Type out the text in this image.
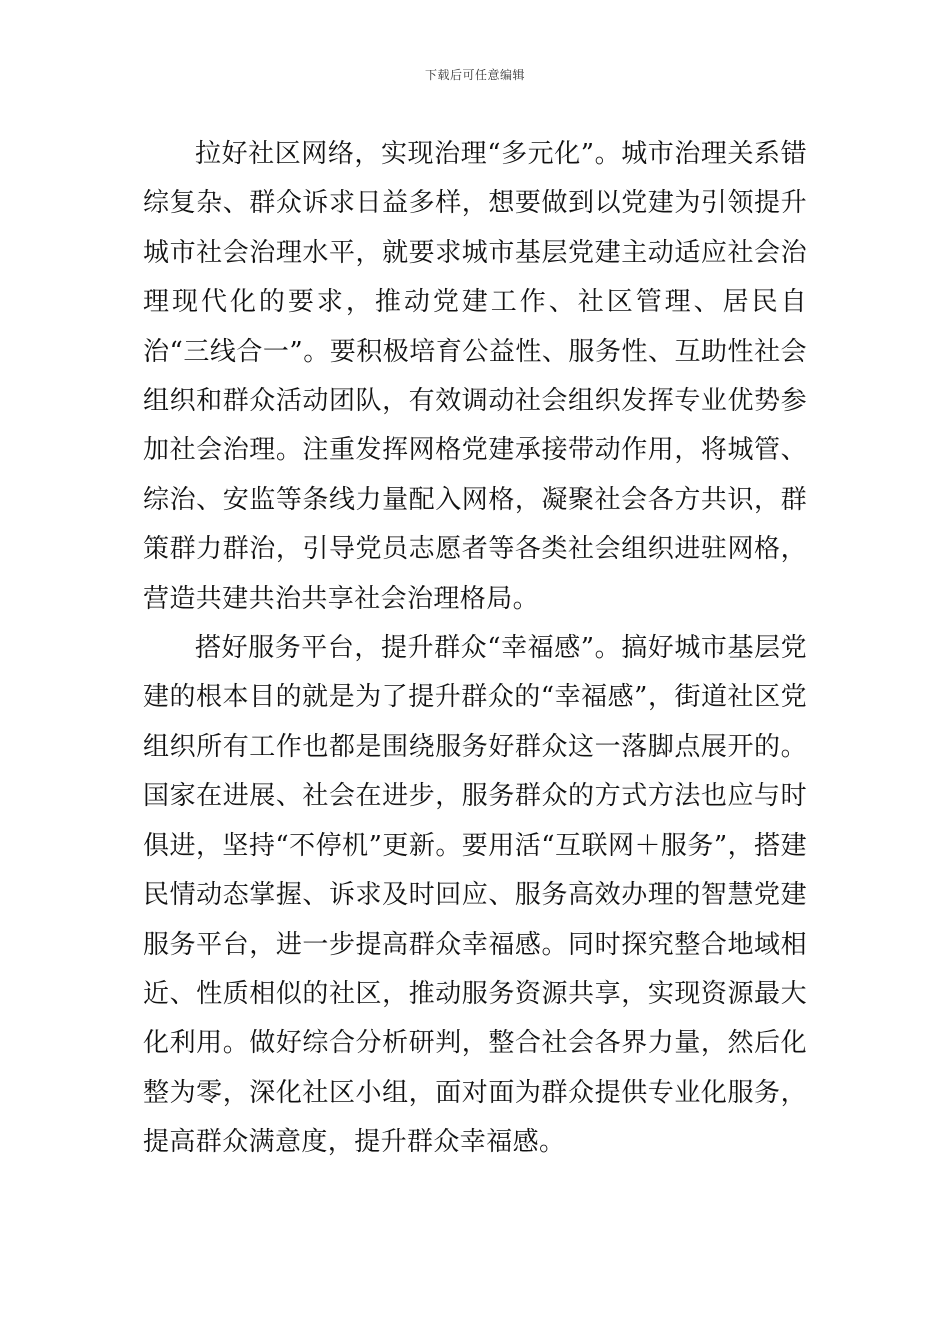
下载后可任意编辑

拉好社区网络，实现治理“多元化”。城市治理关系错综复杂、群众诉求日益多样，想要做到以党建为引领提升城市社会治理水平，就要求城市基层党建主动适应社会治理现代化的要求，推动党建工作、社区管理、居民自治“三线合一”。要积极培育公益性、服务性、互助性社会组织和群众活动团队，有效调动社会组织发挥专业优势参加社会治理。注重发挥网格党建承接带动作用，将城管、综治、安监等条线力量配入网格，凝聚社会各方共识，群策群力群治，引导党员志愿者等各类社会组织进驻网格，营造共建共治共享社会治理格局。

搭好服务平台，提升群众“幸福感”。搞好城市基层党建的根本目的就是为了提升群众的“幸福感”，街道社区党组织所有工作也都是围绕服务好群众这一落脚点展开的。国家在进展、社会在进步，服务群众的方式方法也应与时俱进，坚持“不停机”更新。要用活“互联网＋服务”，搭建民情动态掌握、诉求及时回应、服务高效办理的智慧党建服务平台，进一步提高群众幸福感。同时探究整合地域相近、性质相似的社区，推动服务资源共享，实现资源最大化利用。做好综合分析研判，整合社会各界力量，然后化整为零，深化社区小组，面对面为群众提供专业化服务，提高群众满意度，提升群众幸福感。
